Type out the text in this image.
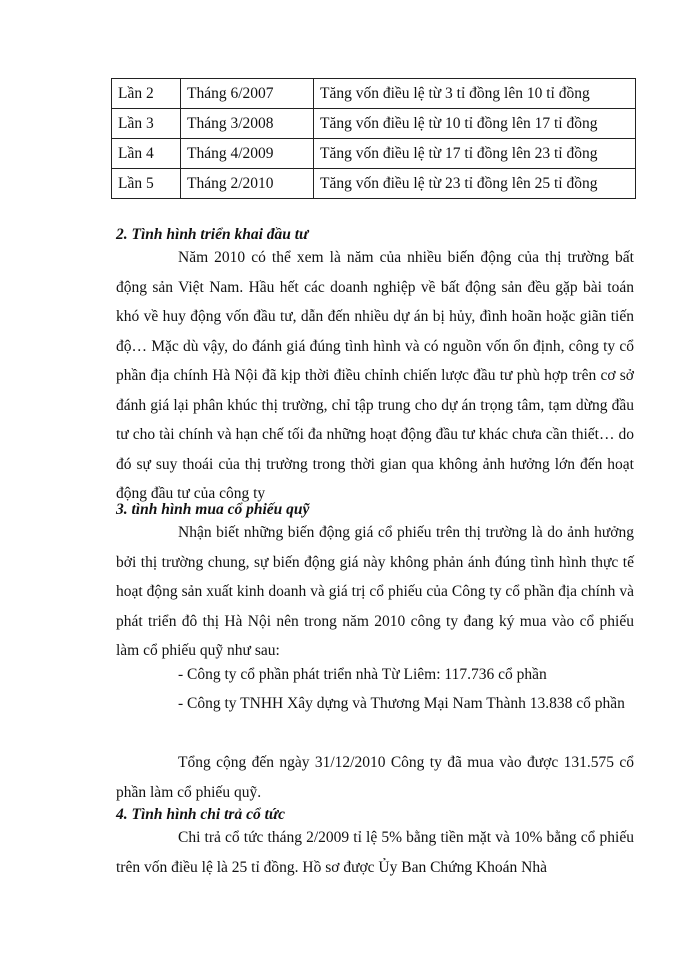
Lần 2	Tháng 6/2007	Tăng vốn điều lệ từ 3 tỉ đồng lên 10 tỉ đồng
Lần 3	Tháng 3/2008	Tăng vốn điều lệ từ 10 tỉ đồng lên 17 tỉ đồng
Lần 4	Tháng 4/2009	Tăng vốn điều lệ từ 17 tỉ đồng lên 23 tỉ đồng
Lần 5	Tháng 2/2010	Tăng vốn điều lệ từ 23 tỉ đồng lên 25 tỉ đồng

2. Tình hình triển khai đầu tư

Năm 2010 có thể xem là năm của nhiều biến động của thị trường bất động sản Việt Nam. Hầu hết các doanh nghiệp về bất động sản đều gặp bài toán khó về huy động vốn đầu tư, dẫn đến nhiều dự án bị hủy, đình hoãn hoặc giãn tiến độ… Mặc dù vậy, do đánh giá đúng tình hình và có nguồn vốn ổn định, công ty cổ phần địa chính Hà Nội đã kịp thời điều chỉnh chiến lược đầu tư phù hợp trên cơ sở đánh giá lại phân khúc thị trường, chỉ tập trung cho dự án trọng tâm, tạm dừng đầu tư cho tài chính và hạn chế tối đa những hoạt động đầu tư khác chưa cần thiết… do đó sự suy thoái của thị trường trong thời gian qua không ảnh hưởng lớn đến hoạt động đầu tư của công ty

3. tình hình mua cổ phiếu quỹ

Nhận biết những biến động giá cổ phiếu trên thị trường là do ảnh hưởng bởi thị trường chung, sự biến động giá này không phản ánh đúng tình hình thực tế hoạt động sản xuất kinh doanh và giá trị cổ phiếu của Công ty cổ phần địa chính và phát triển đô thị Hà Nội nên trong năm 2010 công ty đang ký mua vào cổ phiếu làm cổ phiếu quỹ như sau:

- Công ty cổ phần phát triển nhà Từ Liêm: 117.736 cổ phần

- Công ty TNHH Xây dựng và Thương Mại Nam Thành 13.838 cổ phần

Tổng cộng đến ngày 31/12/2010 Công ty đã mua vào được 131.575 cổ phần làm cổ phiếu quỹ.

4. Tình hình chi trả cổ tức

Chi trả cổ tức tháng 2/2009 tỉ lệ 5% bằng tiền mặt và 10% bằng cổ phiếu trên vốn điều lệ là 25 tỉ đồng. Hồ sơ được Ủy Ban Chứng Khoán Nhà
